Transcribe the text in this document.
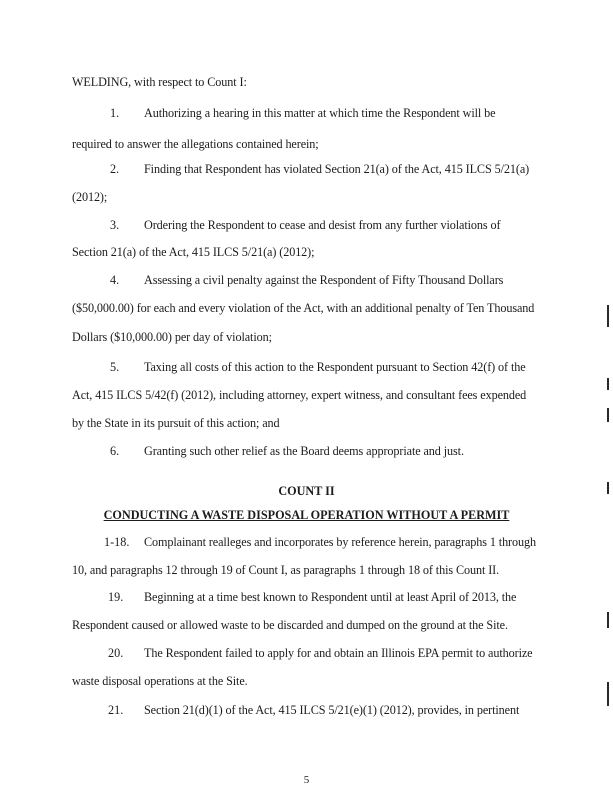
WELDING, with respect to Count I:
1. Authorizing a hearing in this matter at which time the Respondent will be
required to answer the allegations contained herein;
2. Finding that Respondent has violated Section 21(a) of the Act, 415 ILCS 5/21(a)
(2012);
3. Ordering the Respondent to cease and desist from any further violations of
Section 21(a) of the Act, 415 ILCS 5/21(a) (2012);
4. Assessing a civil penalty against the Respondent of Fifty Thousand Dollars
($50,000.00) for each and every violation of the Act, with an additional penalty of Ten Thousand
Dollars ($10,000.00) per day of violation;
5. Taxing all costs of this action to the Respondent pursuant to Section 42(f) of the
Act, 415 ILCS 5/42(f) (2012), including attorney, expert witness, and consultant fees expended
by the State in its pursuit of this action; and
6. Granting such other relief as the Board deems appropriate and just.
COUNT II
CONDUCTING A WASTE DISPOSAL OPERATION WITHOUT A PERMIT
1-18. Complainant realleges and incorporates by reference herein, paragraphs 1 through
10, and paragraphs 12 through 19 of Count I, as paragraphs 1 through 18 of this Count II.
19. Beginning at a time best known to Respondent until at least April of 2013, the
Respondent caused or allowed waste to be discarded and dumped on the ground at the Site.
20. The Respondent failed to apply for and obtain an Illinois EPA permit to authorize
waste disposal operations at the Site.
21. Section 21(d)(1) of the Act, 415 ILCS 5/21(e)(1) (2012), provides, in pertinent
5
